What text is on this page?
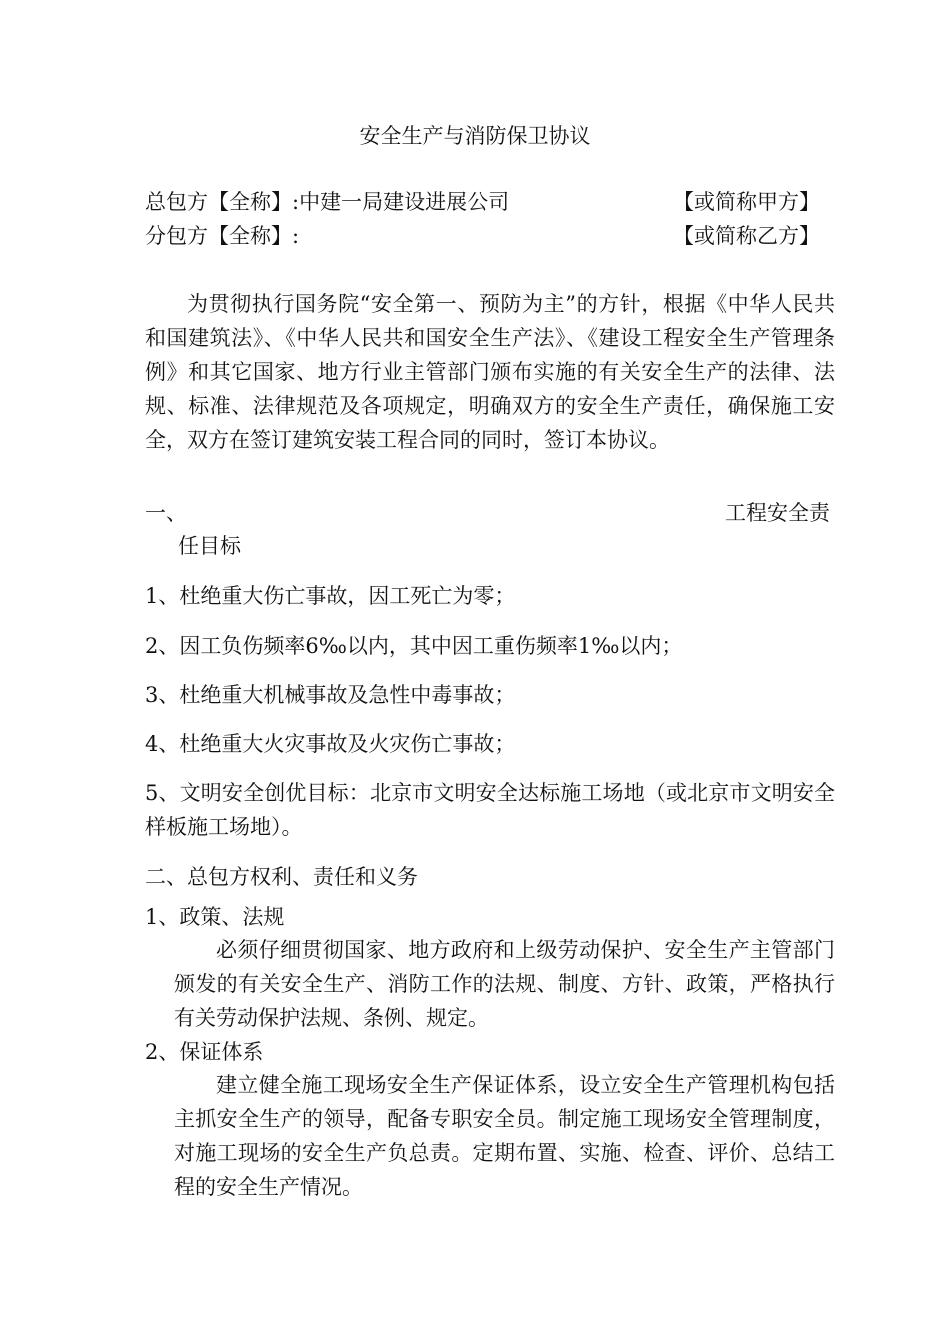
安全生产与消防保卫协议
总包方【全称】:中建一局建设进展公司	【或简称甲方】
分包方【全称】:	【或简称乙方】

为贯彻执行国务院“安全第一、预防为主”的方针，根据《中华人民共和国建筑法》、《中华人民共和国安全生产法》、《建设工程安全生产管理条例》和其它国家、地方行业主管部门颁布实施的有关安全生产的法律、法规、标准、法律规范及各项规定，明确双方的安全生产责任，确保施工安全，双方在签订建筑安装工程合同的同时，签订本协议。

一、	工程安全责
任目标
1、杜绝重大伤亡事故，因工死亡为零；
2、因工负伤频率6‰以内，其中因工重伤频率1‰以内；
3、杜绝重大机械事故及急性中毒事故；
4、杜绝重大火灾事故及火灾伤亡事故；

5、文明安全创优目标：北京市文明安全达标施工场地（或北京市文明安全样板施工场地）。

二、总包方权利、责任和义务
1、政策、法规

必须仔细贯彻国家、地方政府和上级劳动保护、安全生产主管部门颁发的有关安全生产、消防工作的法规、制度、方针、政策，严格执行有关劳动保护法规、条例、规定。

2、保证体系

建立健全施工现场安全生产保证体系，设立安全生产管理机构包括主抓安全生产的领导，配备专职安全员。制定施工现场安全管理制度，对施工现场的安全生产负总责。定期布置、实施、检查、评价、总结工程的安全生产情况。
